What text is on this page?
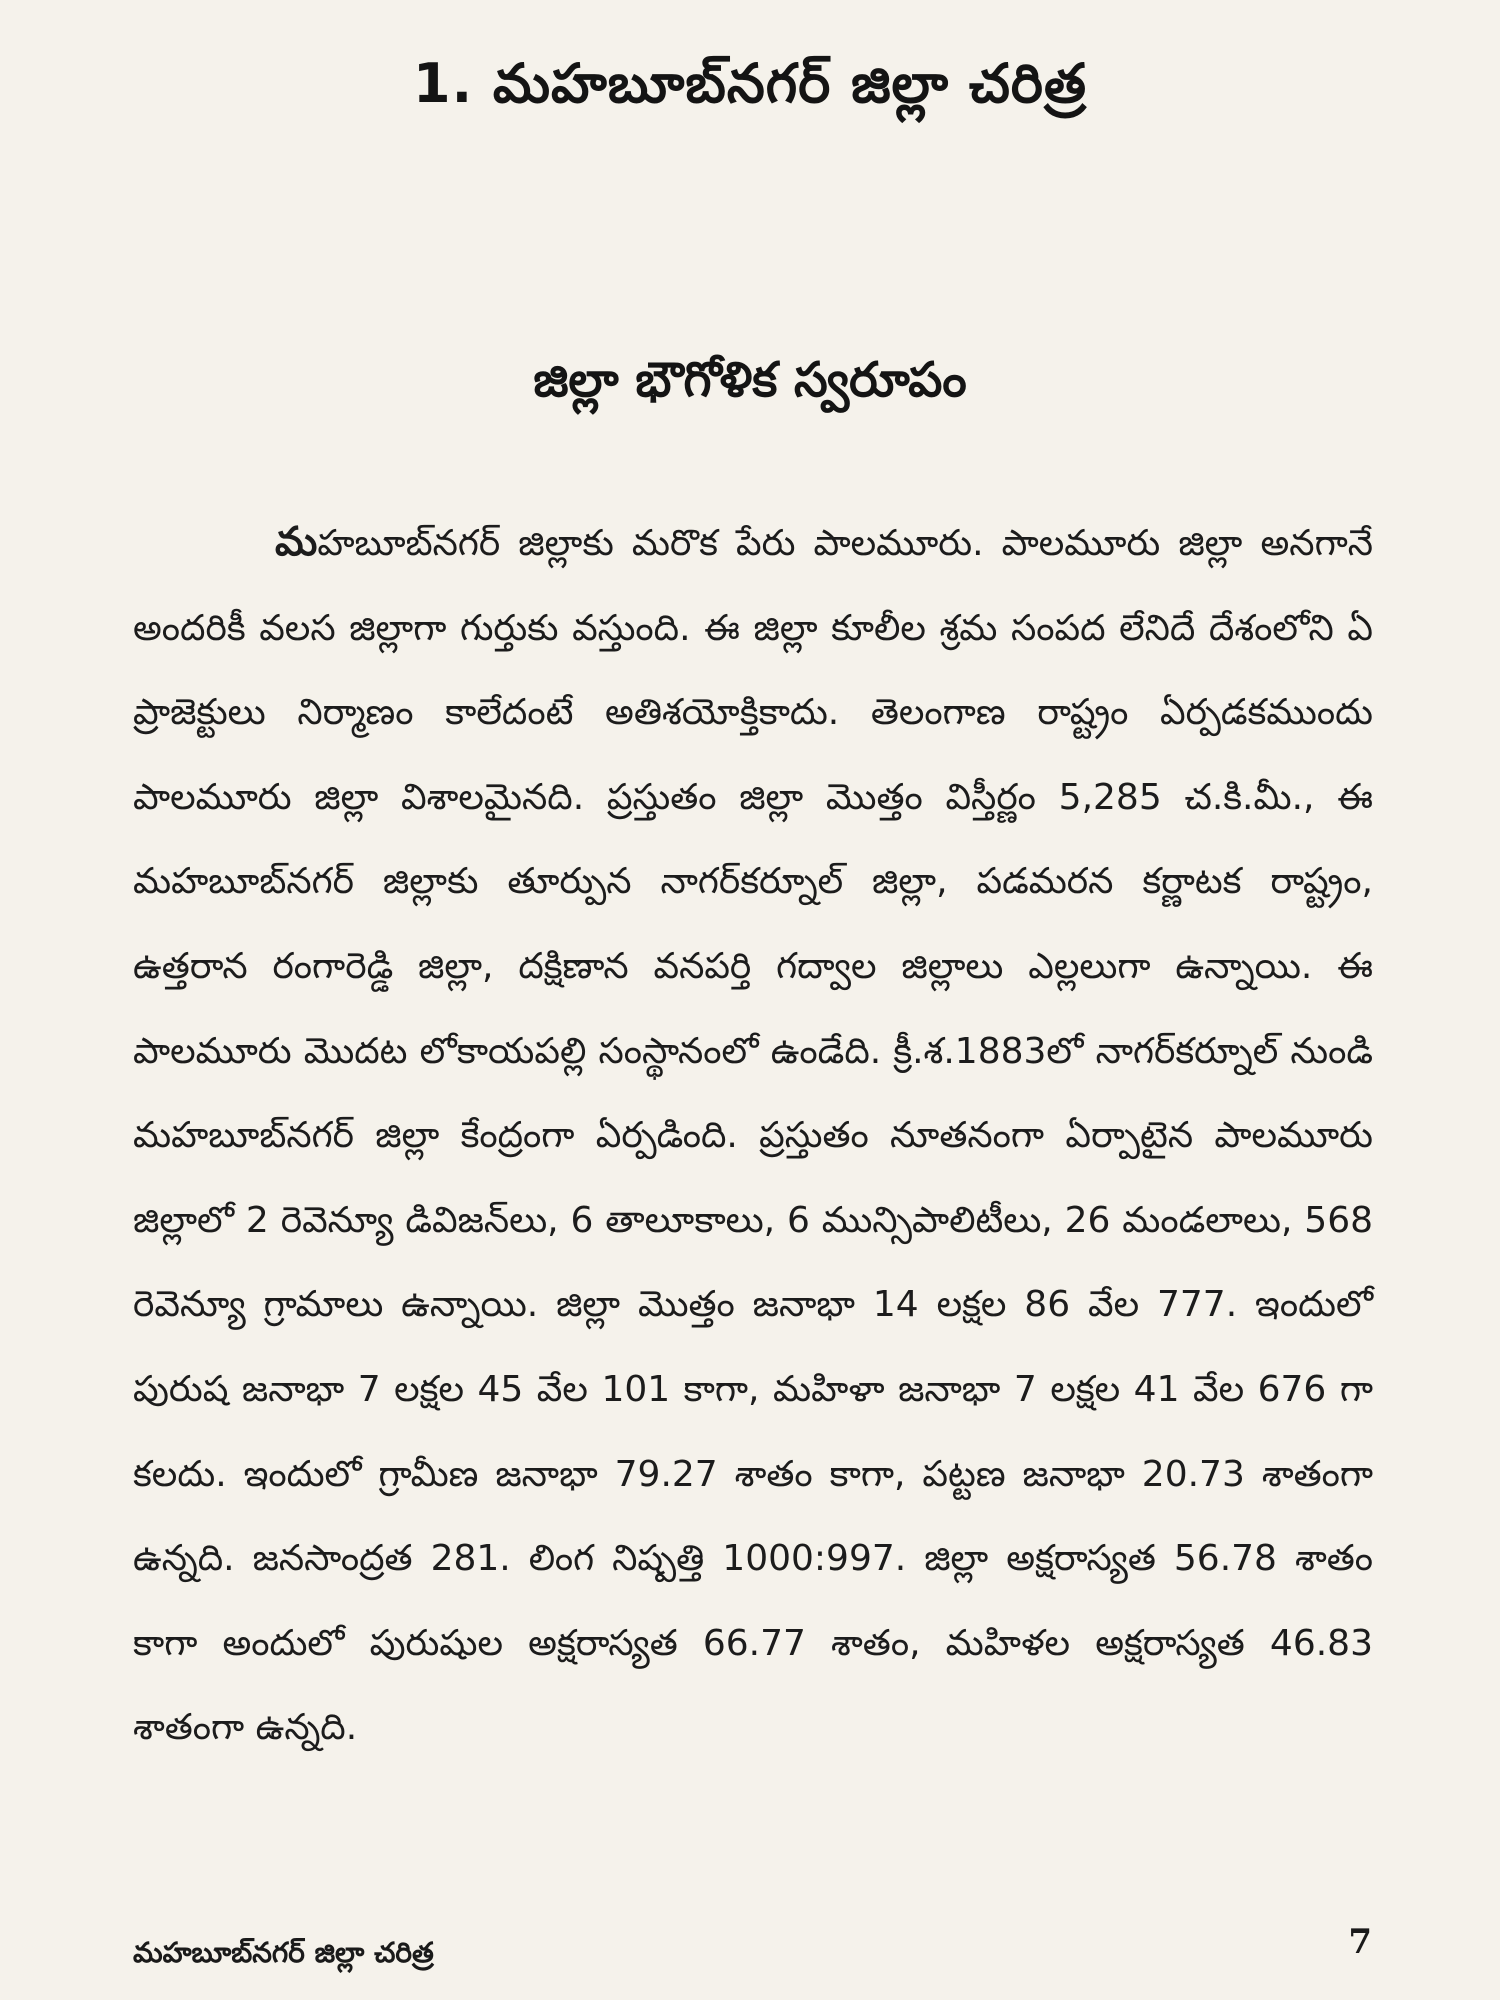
1. మహబూబ్‌నగర్ జిల్లా చరిత్ర
జిల్లా భౌగోళిక స్వరూపం

మహబూబ్‌నగర్ జిల్లాకు మరొక పేరు పాలమూరు. పాలమూరు జిల్లా అనగానే అందరికీ వలస జిల్లాగా గుర్తుకు వస్తుంది. ఈ జిల్లా కూలీల శ్రమ సంపద లేనిదే దేశంలోని ఏ ప్రాజెక్టులు నిర్మాణం కాలేదంటే అతిశయోక్తికాదు. తెలంగాణ రాష్ట్రం ఏర్పడకముందు పాలమూరు జిల్లా విశాలమైనది. ప్రస్తుతం జిల్లా మొత్తం విస్తీర్ణం 5,285 చ.కి.మీ., ఈ మహబూబ్‌నగర్ జిల్లాకు తూర్పున నాగర్‌కర్నూల్ జిల్లా, పడమరన కర్ణాటక రాష్ట్రం, ఉత్తరాన రంగారెడ్డి జిల్లా, దక్షిణాన వనపర్తి గద్వాల జిల్లాలు ఎల్లలుగా ఉన్నాయి. ఈ పాలమూరు మొదట లోకాయపల్లి సంస్థానంలో ఉండేది. క్రీ.శ.1883లో నాగర్‌కర్నూల్ నుండి మహబూబ్‌నగర్ జిల్లా కేంద్రంగా ఏర్పడింది. ప్రస్తుతం నూతనంగా ఏర్పాటైన పాలమూరు జిల్లాలో 2 రెవెన్యూ డివిజన్‌లు, 6 తాలూకాలు, 6 మున్సిపాలిటీలు, 26 మండలాలు, 568 రెవెన్యూ గ్రామాలు ఉన్నాయి. జిల్లా మొత్తం జనాభా 14 లక్షల 86 వేల 777. ఇందులో పురుష జనాభా 7 లక్షల 45 వేల 101 కాగా, మహిళా జనాభా 7 లక్షల 41 వేల 676 గా కలదు. ఇందులో గ్రామీణ జనాభా 79.27 శాతం కాగా, పట్టణ జనాభా 20.73 శాతంగా ఉన్నది. జనసాంద్రత 281. లింగ నిష్పత్తి 1000:997. జిల్లా అక్షరాస్యత 56.78 శాతం కాగా అందులో పురుషుల అక్షరాస్యత 66.77 శాతం, మహిళల అక్షరాస్యత 46.83 శాతంగా ఉన్నది.

మహబూబ్‌నగర్ జిల్లా చరిత్ర	7
